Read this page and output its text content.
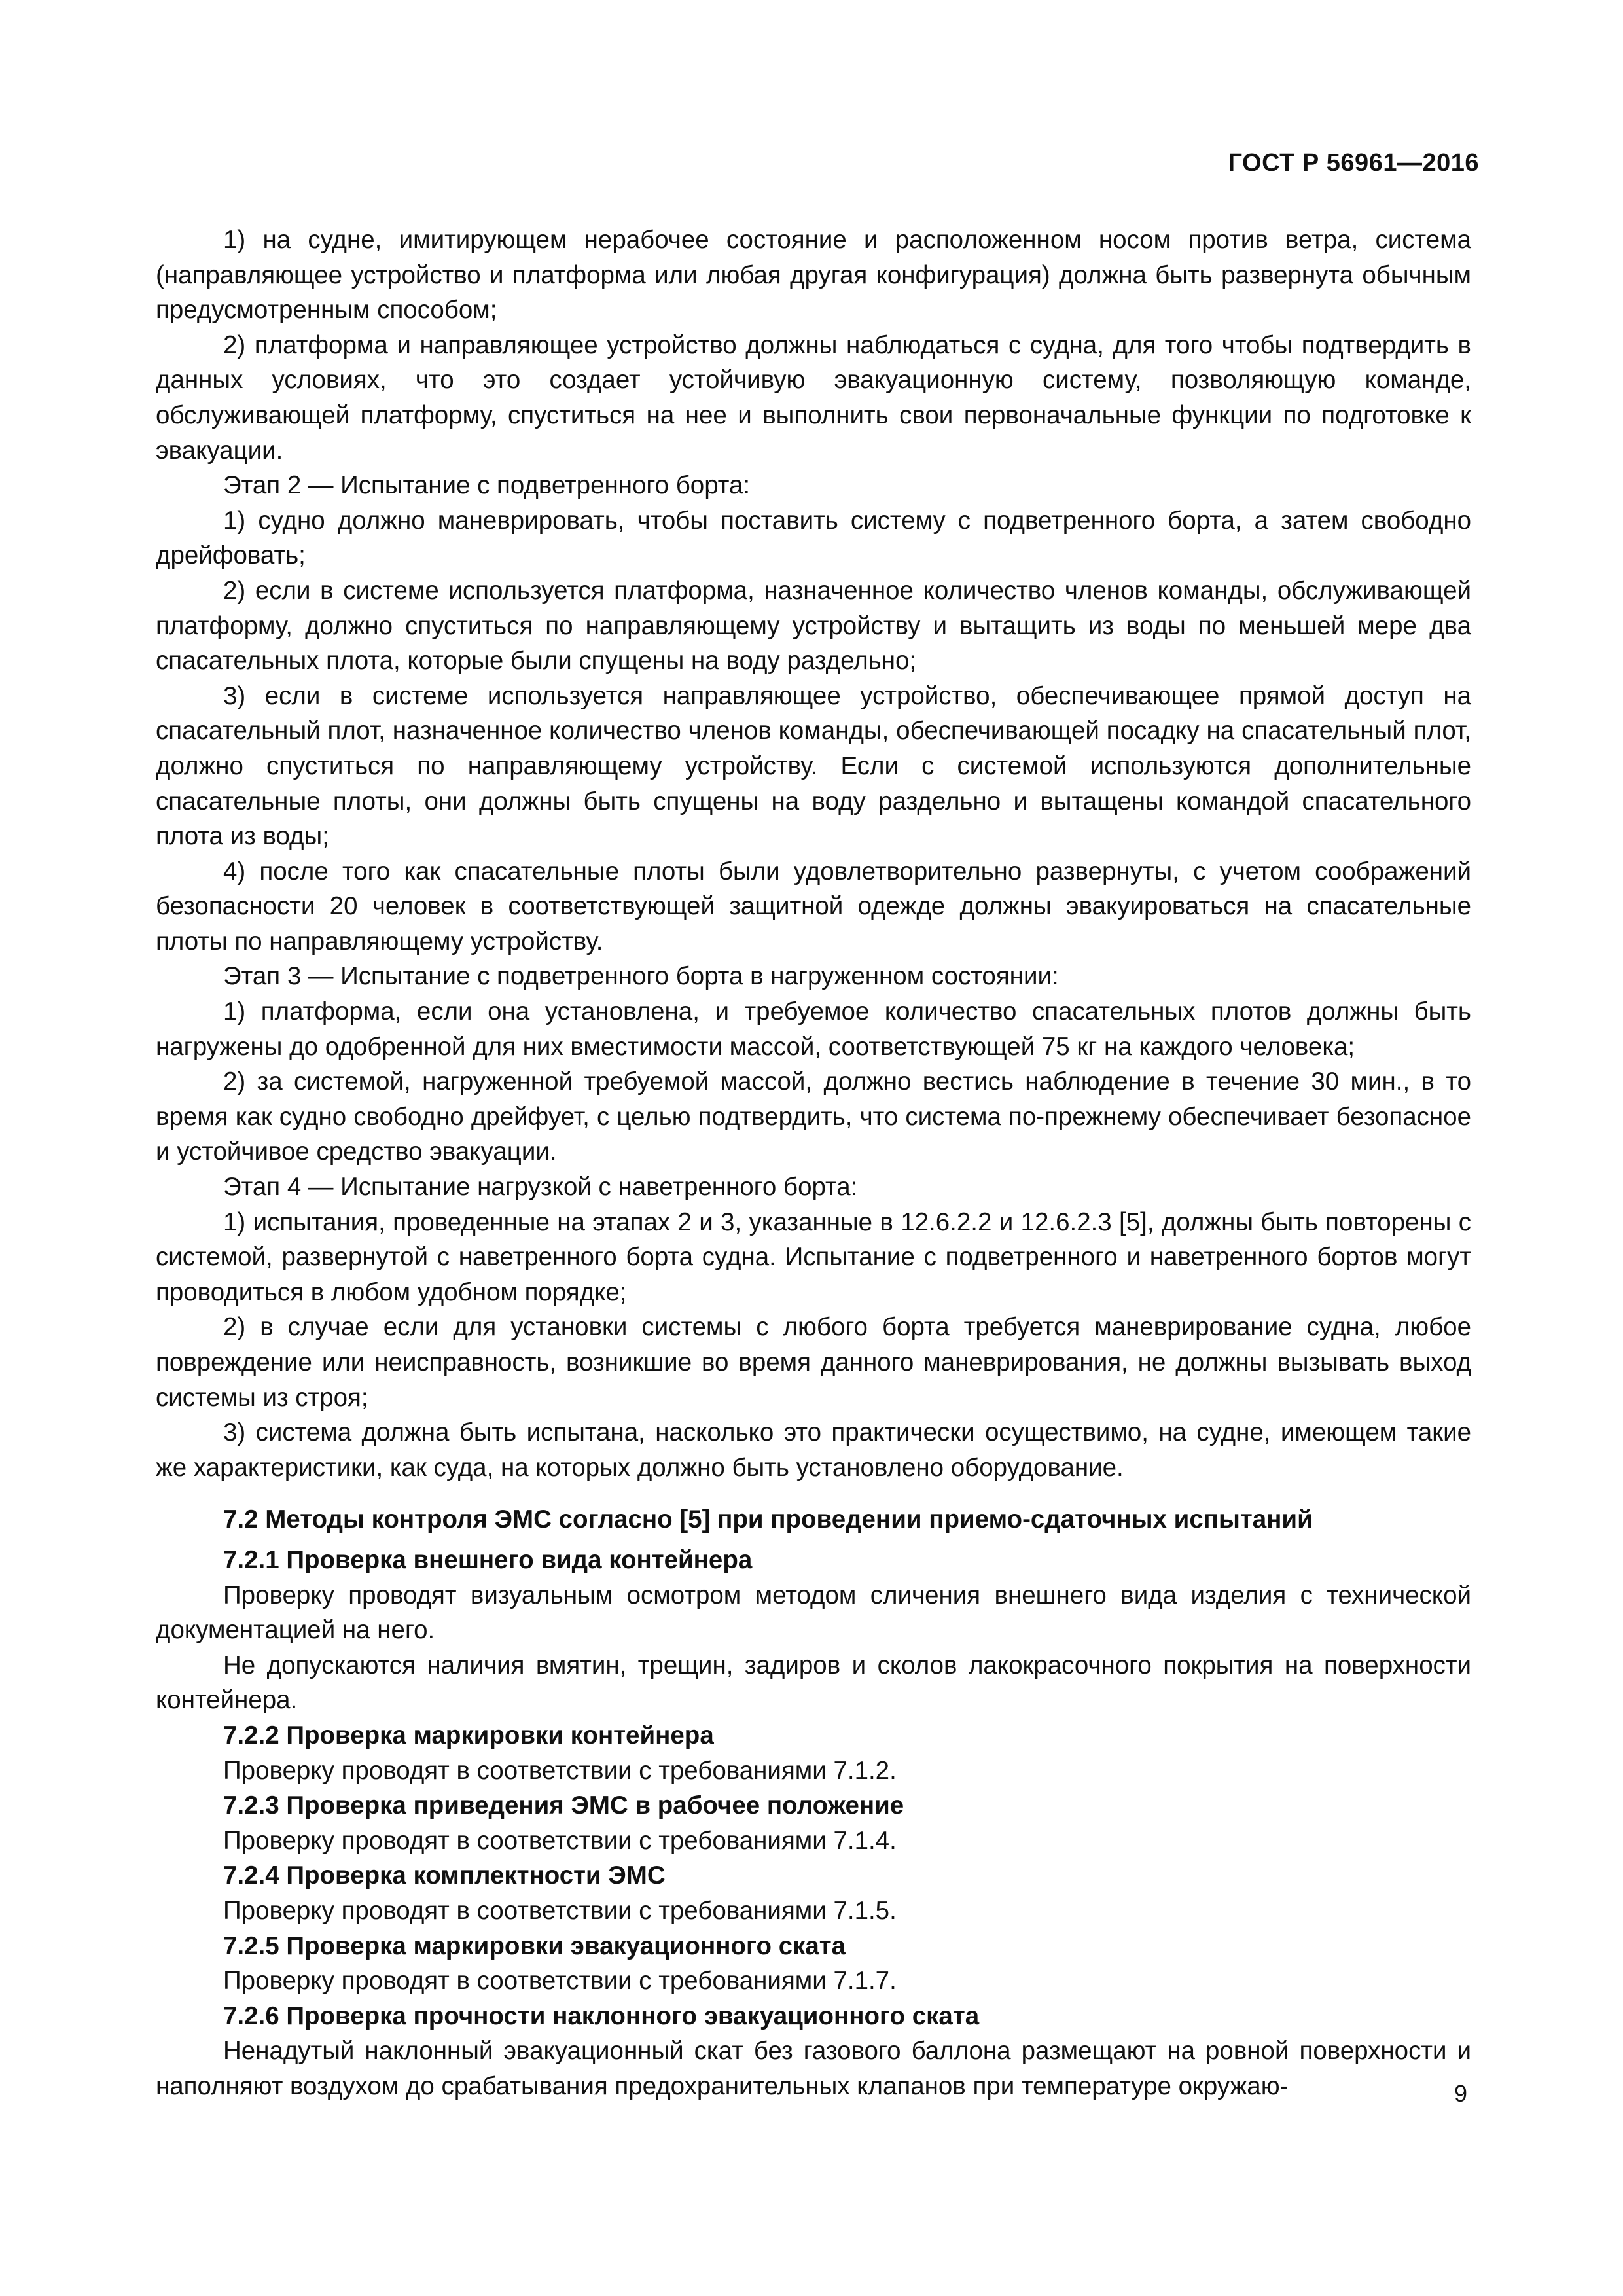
ГОСТ Р 56961—2016

1) на судне, имитирующем нерабочее состояние и расположенном носом против ветра, система (направляющее устройство и платформа или любая другая конфигурация) должна быть развернута обычным предусмотренным способом;

2) платформа и направляющее устройство должны наблюдаться с судна, для того чтобы подтвердить в данных условиях, что это создает устойчивую эвакуационную систему, позволяющую команде, обслуживающей платформу, спуститься на нее и выполнить свои первоначальные функции по подготовке к эвакуации.

Этап 2 — Испытание с подветренного борта:

1) судно должно маневрировать, чтобы поставить систему с подветренного борта, а затем свободно дрейфовать;

2) если в системе используется платформа, назначенное количество членов команды, обслуживающей платформу, должно спуститься по направляющему устройству и вытащить из воды по меньшей мере два спасательных плота, которые были спущены на воду раздельно;

3) если в системе используется направляющее устройство, обеспечивающее прямой доступ на спасательный плот, назначенное количество членов команды, обеспечивающей посадку на спасательный плот, должно спуститься по направляющему устройству. Если с системой используются дополнительные спасательные плоты, они должны быть спущены на воду раздельно и вытащены командой спасательного плота из воды;

4) после того как спасательные плоты были удовлетворительно развернуты, с учетом соображений безопасности 20 человек в соответствующей защитной одежде должны эвакуироваться на спасательные плоты по направляющему устройству.

Этап 3 — Испытание с подветренного борта в нагруженном состоянии:

1) платформа, если она установлена, и требуемое количество спасательных плотов должны быть нагружены до одобренной для них вместимости массой, соответствующей 75 кг на каждого человека;

2) за системой, нагруженной требуемой массой, должно вестись наблюдение в течение 30 мин., в то время как судно свободно дрейфует, с целью подтвердить, что система по-прежнему обеспечивает безопасное и устойчивое средство эвакуации.

Этап 4 — Испытание нагрузкой с наветренного борта:

1) испытания, проведенные на этапах 2 и 3, указанные в 12.6.2.2 и 12.6.2.3 [5], должны быть повторены с системой, развернутой с наветренного борта судна. Испытание с подветренного и наветренного бортов могут проводиться в любом удобном порядке;

2) в случае если для установки системы с любого борта требуется маневрирование судна, любое повреждение или неисправность, возникшие во время данного маневрирования, не должны вызывать выход системы из строя;

3) система должна быть испытана, насколько это практически осуществимо, на судне, имеющем такие же характеристики, как суда, на которых должно быть установлено оборудование.

7.2 Методы контроля ЭМС согласно [5] при проведении приемо-сдаточных испытаний

7.2.1 Проверка внешнего вида контейнера

Проверку проводят визуальным осмотром методом сличения внешнего вида изделия с технической документацией на него.

Не допускаются наличия вмятин, трещин, задиров и сколов лакокрасочного покрытия на поверхности контейнера.

7.2.2 Проверка маркировки контейнера

Проверку проводят в соответствии с требованиями 7.1.2.

7.2.3 Проверка приведения ЭМС в рабочее положение

Проверку проводят в соответствии с требованиями 7.1.4.

7.2.4 Проверка комплектности ЭМС

Проверку проводят в соответствии с требованиями 7.1.5.

7.2.5 Проверка маркировки эвакуационного ската

Проверку проводят в соответствии с требованиями 7.1.7.

7.2.6 Проверка прочности наклонного эвакуационного ската

Ненадутый наклонный эвакуационный скат без газового баллона размещают на ровной поверхности и наполняют воздухом до срабатывания предохранительных клапанов при температуре окружаю-	9
